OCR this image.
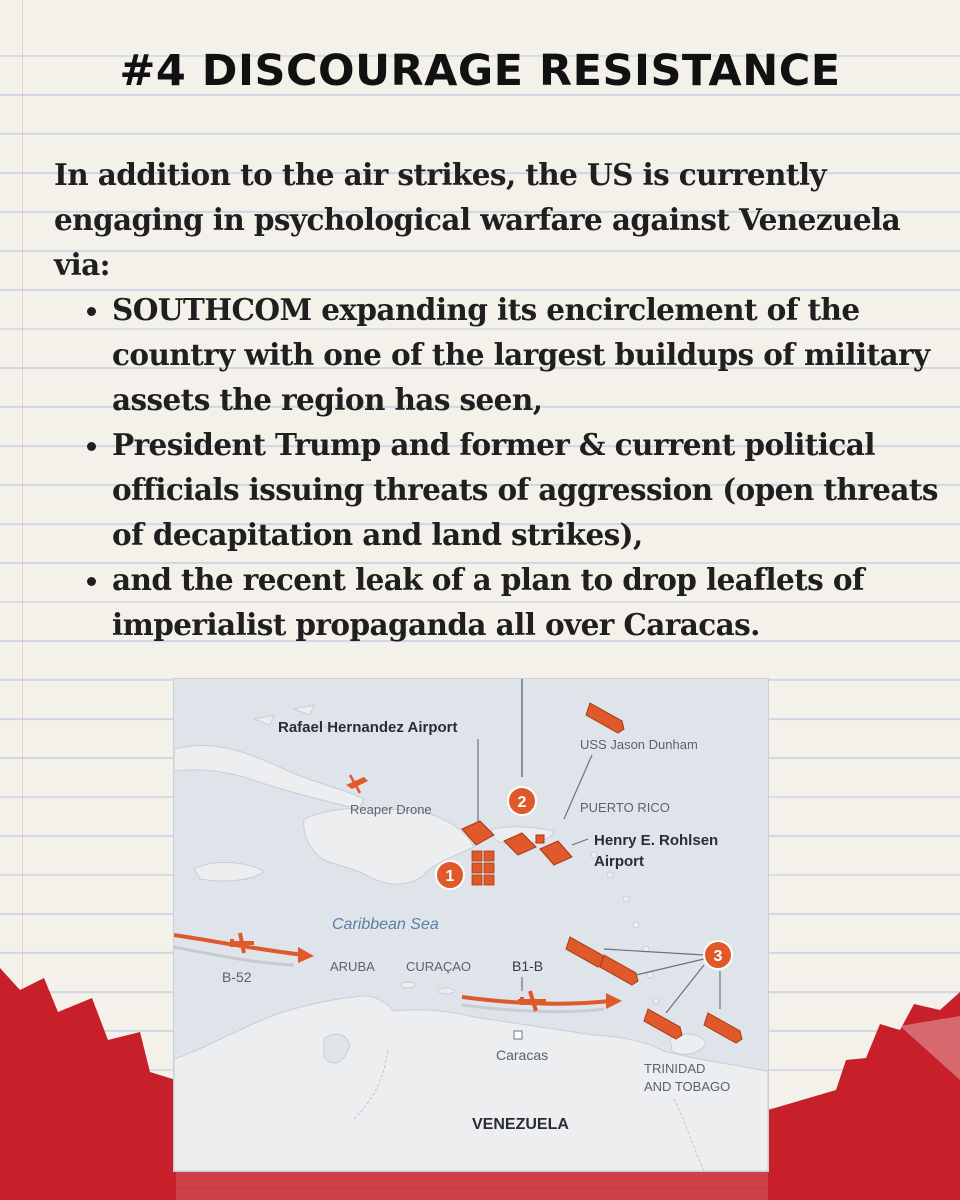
#4 DISCOURAGE RESISTANCE

In addition to the air strikes, the US is currently engaging in psychological warfare against Venezuela via:

• SOUTHCOM expanding its encirclement of the country with one of the largest buildups of military assets the region has seen,
• President Trump and former & current political officials issuing threats of aggression (open threats of decapitation and land strikes),
• and the recent leak of a plan to drop leaflets of imperialist propaganda all over Caracas.
Rafael Hernandez Airport
USS Jason Dunham
Reaper Drone	2	PUERTO RICO
Henry E. Rohlsen
Airport
1
Caribbean Sea
B-52
ARUBA CURAÇAO	B1-B
Caracas
3
TRINIDAD
AND TOBAGO
VENEZUELA
